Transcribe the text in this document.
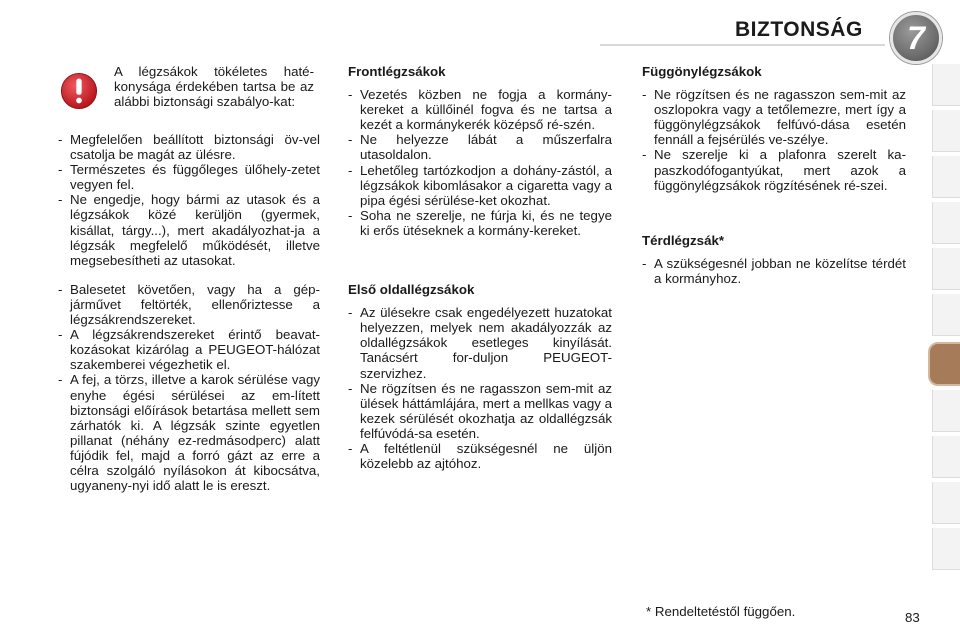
BIZTONSÁG	7

A légzsákok tökéletes haté-konysága érdekében tartsa be az alábbi biztonsági szabályo-kat:

- Megfelelően beállított biztonsági öv-vel csatolja be magát az ülésre.
- Természetes és függőleges ülőhely-zetet vegyen fel.
- Ne engedje, hogy bármi az utasok és a légzsákok közé kerüljön (gyermek, kisállat, tárgy...), mert akadályozhat-ja a légzsák megfelelő működését, illetve megsebesítheti az utasokat.
- Balesetet követően, vagy ha a gép-járművet feltörték, ellenőriztesse a légzsákrendszereket.
- A légzsákrendszereket érintő beavat-kozásokat kizárólag a PEUGEOT-hálózat szakemberei végezhetik el.
- A fej, a törzs, illetve a karok sérülése vagy enyhe égési sérülései az em-lített biztonsági előírások betartása mellett sem zárhatók ki. A légzsák szinte egyetlen pillanat (néhány ez-redmásodperc) alatt fújódik fel, majd a forró gázt az erre a célra szolgáló nyílásokon át kibocsátva, ugyaneny-nyi idő alatt le is ereszt.
Frontlégzsákok
- Vezetés közben ne fogja a kormány-kereket a küllőinél fogva és ne tartsa a kezét a kormánykerék középső ré-szén.
- Ne helyezze lábát a műszerfalra utasoldalon.
- Lehetőleg tartózkodjon a dohány-zástól, a légzsákok kibomlásakor a cigaretta vagy a pipa égési sérülése-ket okozhat.
- Soha ne szerelje, ne fúrja ki, és ne tegye ki erős ütéseknek a kormány-kereket.
Első oldallégzsákok
- Az ülésekre csak engedélyezett huzatokat helyezzen, melyek nem akadályozzák az oldallégzsákok esetleges kinyílását. Tanácsért for-duljon PEUGEOT-szervizhez.
- Ne rögzítsen és ne ragasszon sem-mit az ülések háttámlájára, mert a mellkas vagy a kezek sérülését okozhatja az oldallégzsák felfúvódá-sa esetén.
- A feltétlenül szükségesnél ne üljön közelebb az ajtóhoz.
Függönylégzsákok
- Ne rögzítsen és ne ragasszon sem-mit az oszlopokra vagy a tetőlemezre, mert így a függönylégzsákok felfúvó-dása esetén fennáll a fejsérülés ve-szélye.
- Ne szerelje ki a plafonra szerelt ka-paszkodófogantyúkat, mert azok a függönylégzsákok rögzítésének ré-szei.
Térdlégzsák*
- A szükségesnél jobban ne közelítse térdét a kormányhoz.
* Rendeltetéstől függően.	83
